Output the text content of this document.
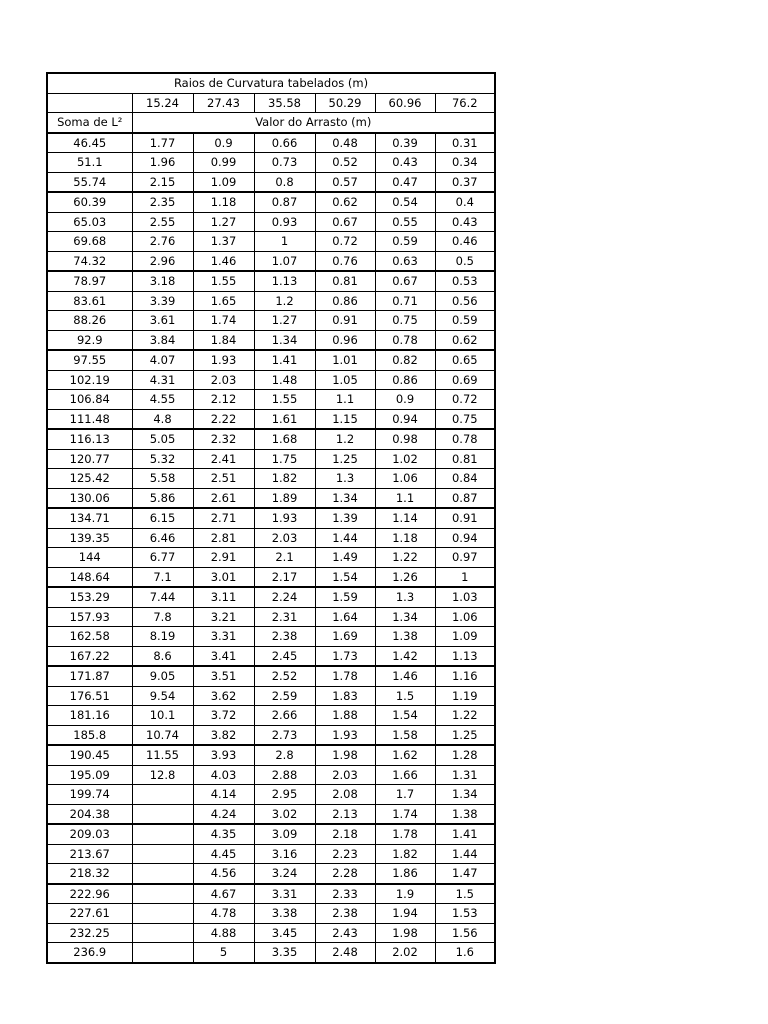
Raios de Curvatura tabelados (m)						
	15.24	27.43	35.58	50.29	60.96	76.2
Soma de L²	Valor do Arrasto (m)					
46.45	1.77	0.9	0.66	0.48	0.39	0.31
51.1	1.96	0.99	0.73	0.52	0.43	0.34
55.74	2.15	1.09	0.8	0.57	0.47	0.37
60.39	2.35	1.18	0.87	0.62	0.54	0.4
65.03	2.55	1.27	0.93	0.67	0.55	0.43
69.68	2.76	1.37	1	0.72	0.59	0.46
74.32	2.96	1.46	1.07	0.76	0.63	0.5
78.97	3.18	1.55	1.13	0.81	0.67	0.53
83.61	3.39	1.65	1.2	0.86	0.71	0.56
88.26	3.61	1.74	1.27	0.91	0.75	0.59
92.9	3.84	1.84	1.34	0.96	0.78	0.62
97.55	4.07	1.93	1.41	1.01	0.82	0.65
102.19	4.31	2.03	1.48	1.05	0.86	0.69
106.84	4.55	2.12	1.55	1.1	0.9	0.72
111.48	4.8	2.22	1.61	1.15	0.94	0.75
116.13	5.05	2.32	1.68	1.2	0.98	0.78
120.77	5.32	2.41	1.75	1.25	1.02	0.81
125.42	5.58	2.51	1.82	1.3	1.06	0.84
130.06	5.86	2.61	1.89	1.34	1.1	0.87
134.71	6.15	2.71	1.93	1.39	1.14	0.91
139.35	6.46	2.81	2.03	1.44	1.18	0.94
144	6.77	2.91	2.1	1.49	1.22	0.97
148.64	7.1	3.01	2.17	1.54	1.26	1
153.29	7.44	3.11	2.24	1.59	1.3	1.03
157.93	7.8	3.21	2.31	1.64	1.34	1.06
162.58	8.19	3.31	2.38	1.69	1.38	1.09
167.22	8.6	3.41	2.45	1.73	1.42	1.13
171.87	9.05	3.51	2.52	1.78	1.46	1.16
176.51	9.54	3.62	2.59	1.83	1.5	1.19
181.16	10.1	3.72	2.66	1.88	1.54	1.22
185.8	10.74	3.82	2.73	1.93	1.58	1.25
190.45	11.55	3.93	2.8	1.98	1.62	1.28
195.09	12.8	4.03	2.88	2.03	1.66	1.31
199.74		4.14	2.95	2.08	1.7	1.34
204.38		4.24	3.02	2.13	1.74	1.38
209.03		4.35	3.09	2.18	1.78	1.41
213.67		4.45	3.16	2.23	1.82	1.44
218.32		4.56	3.24	2.28	1.86	1.47
222.96		4.67	3.31	2.33	1.9	1.5
227.61		4.78	3.38	2.38	1.94	1.53
232.25		4.88	3.45	2.43	1.98	1.56
236.9		5	3.35	2.48	2.02	1.6
